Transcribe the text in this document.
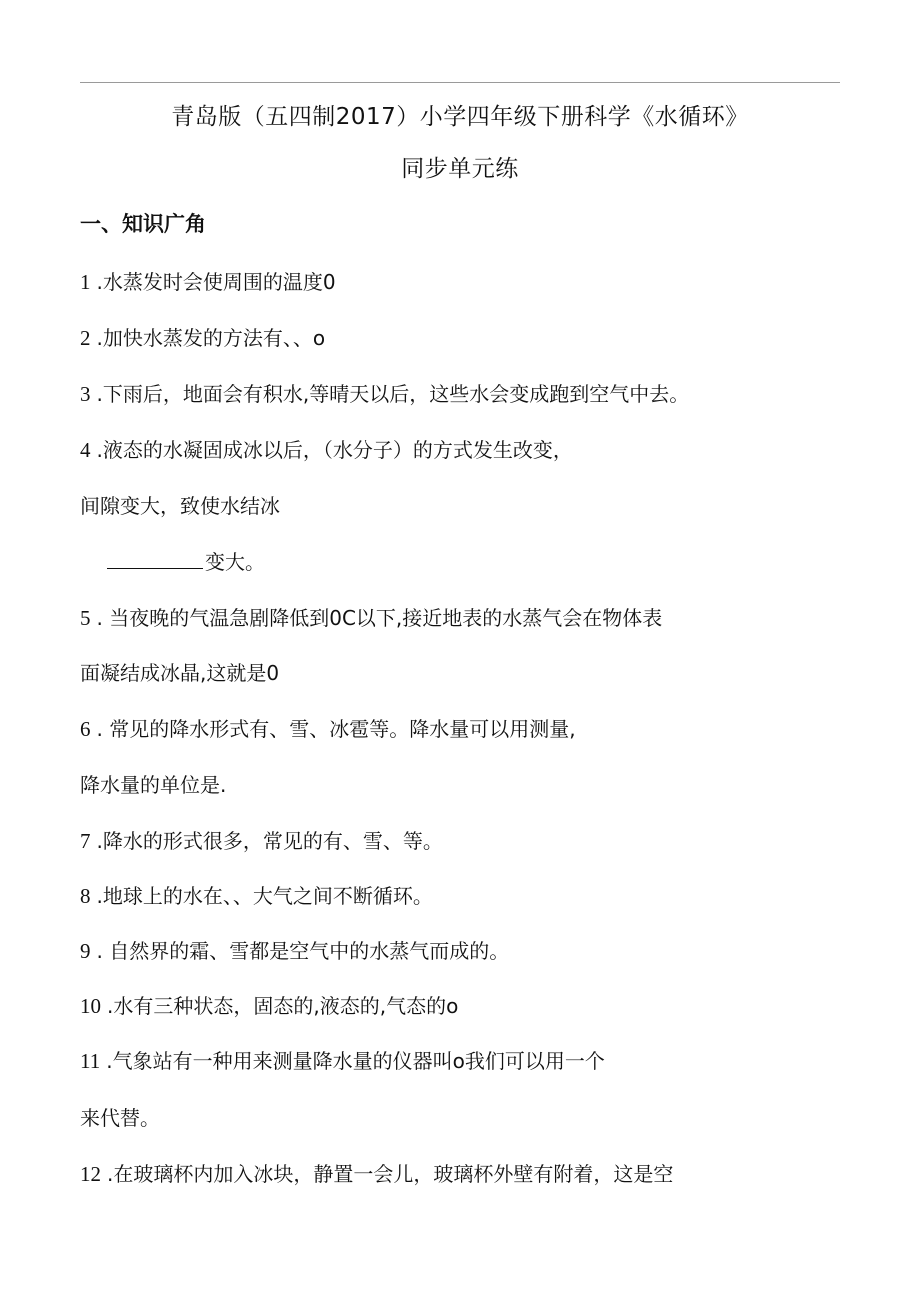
青岛版（五四制2017）小学四年级下册科学《水循环》
同步单元练
一、知识广角
1 .水蒸发时会使周围的温度0
2 .加快水蒸发的方法有、、o
3 .下雨后，地面会有积水,等晴天以后，这些水会变成跑到空气中去。
4 .液态的水凝固成冰以后，（水分子）的方式发生改变，
间隙变大，致使水结冰
变大。
5 . 当夜晚的气温急剧降低到0C以下,接近地表的水蒸气会在物体表
面凝结成冰晶,这就是0
6 . 常见的降水形式有、雪、冰雹等。降水量可以用测量,
降水量的单位是.
7 .降水的形式很多，常见的有、雪、等。
8 .地球上的水在、、大气之间不断循环。
9 . 自然界的霜、雪都是空气中的水蒸气而成的。
10 .水有三种状态，固态的,液态的,气态的o
11 .气象站有一种用来测量降水量的仪器叫o我们可以用一个
来代替。
12 .在玻璃杯内加入冰块，静置一会儿，玻璃杯外壁有附着，这是空
